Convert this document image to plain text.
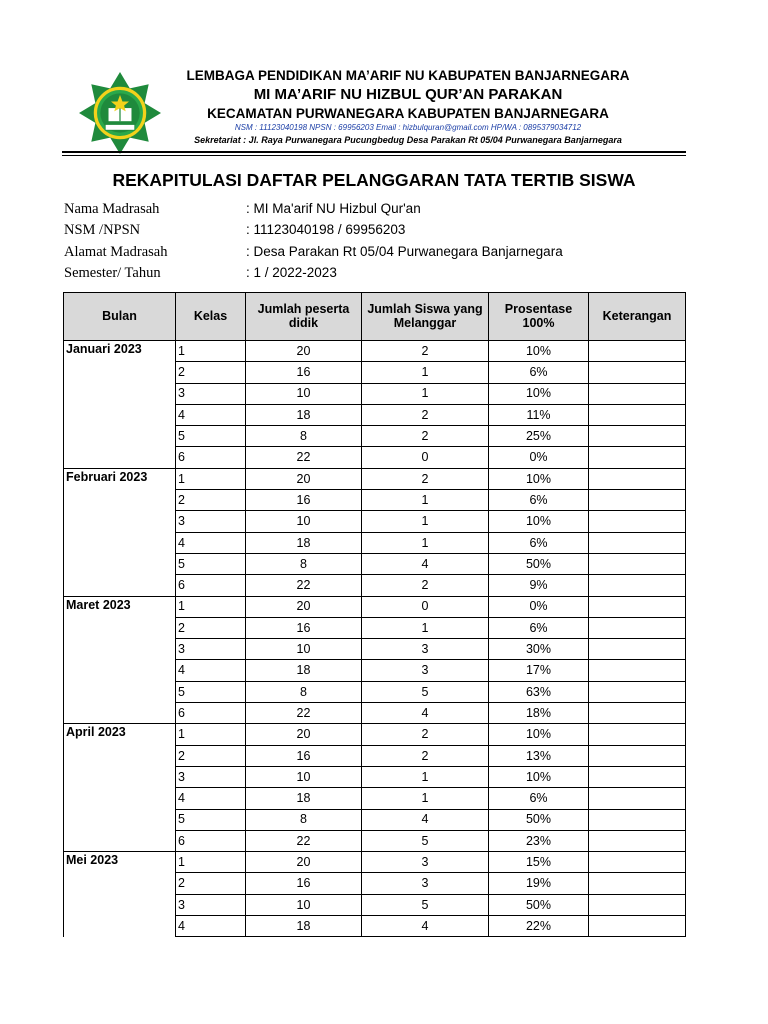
LEMBAGA PENDIDIKAN MA’ARIF NU KABUPATEN BANJARNEGARA
MI MA’ARIF NU HIZBUL QUR’AN PARAKAN
KECAMATAN PURWANEGARA KABUPATEN BANJARNEGARA
NSM : 11123040198 NPSN : 69956203 Email : hizbulquran@gmail.com HP/WA : 0895379034712
Sekretariat : Jl. Raya Purwanegara Pucungbedug Desa Parakan Rt 05/04 Purwanegara Banjarnegara
REKAPITULASI DAFTAR PELANGGARAN TATA TERTIB SISWA
Nama Madrasah	: MI Ma'arif NU Hizbul Qur'an
NSM /NPSN	: 11123040198 / 69956203
Alamat Madrasah	: Desa Parakan Rt 05/04 Purwanegara Banjarnegara
Semester/ Tahun	: 1 / 2022-2023
Bulan	Kelas	Jumlah peserta didik	Jumlah Siswa yang Melanggar	Prosentase 100%	Keterangan
Januari 2023	1	20	2	10%	
	2	16	1	6%	
	3	10	1	10%	
	4	18	2	11%	
	5	8	2	25%	
	6	22	0	0%	
Februari 2023	1	20	2	10%	
	2	16	1	6%	
	3	10	1	10%	
	4	18	1	6%	
	5	8	4	50%	
	6	22	2	9%	
Maret 2023	1	20	0	0%	
	2	16	1	6%	
	3	10	3	30%	
	4	18	3	17%	
	5	8	5	63%	
	6	22	4	18%	
April 2023	1	20	2	10%	
	2	16	2	13%	
	3	10	1	10%	
	4	18	1	6%	
	5	8	4	50%	
	6	22	5	23%	
Mei 2023	1	20	3	15%	
	2	16	3	19%	
	3	10	5	50%	
	4	18	4	22%	
